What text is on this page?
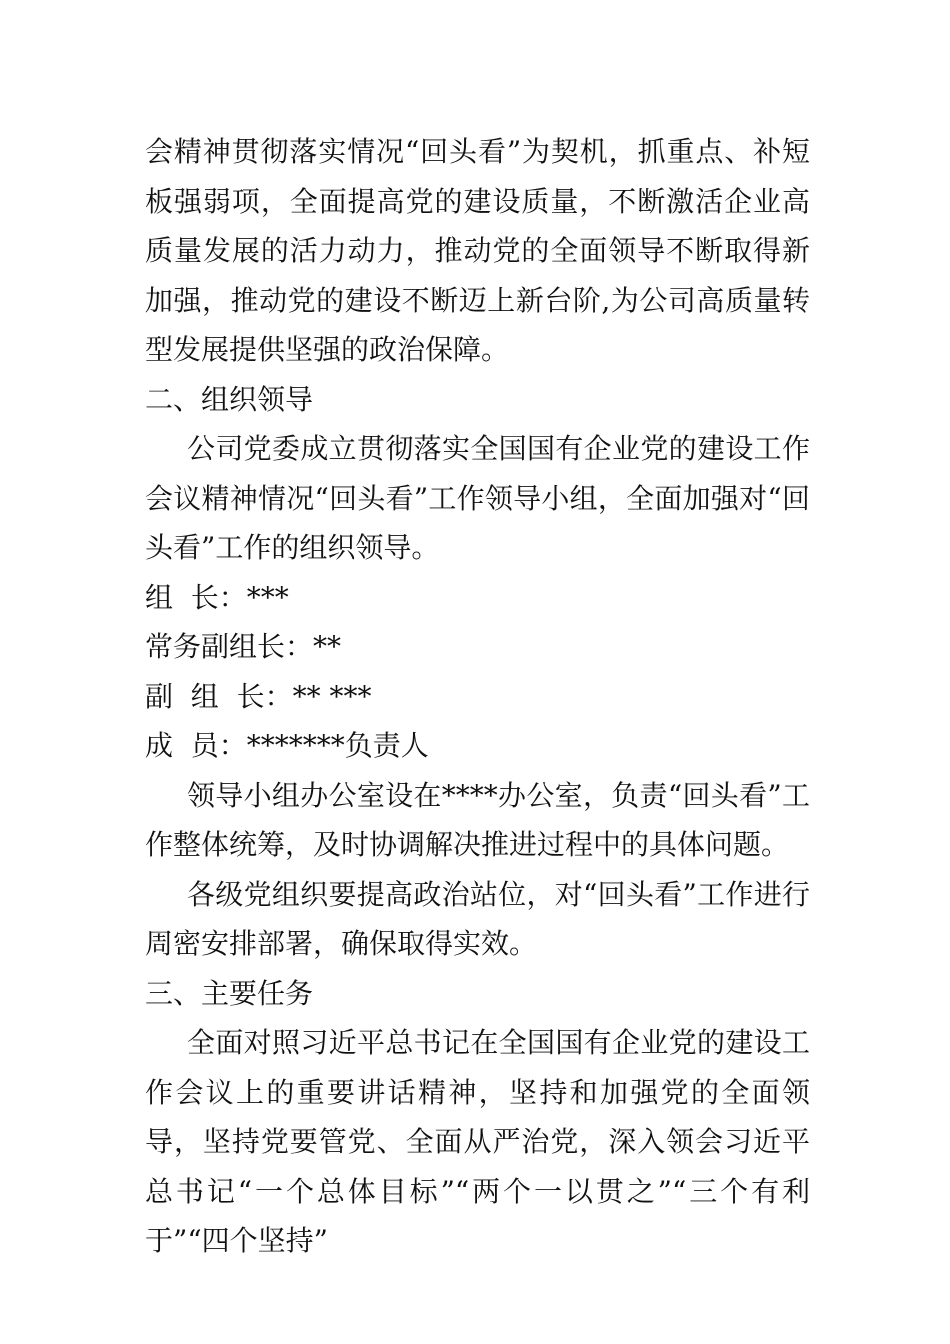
会精神贯彻落实情况“回头看”为契机，抓重点、补短板强弱项，全面提高党的建设质量，不断激活企业高质量发展的活力动力，推动党的全面领导不断取得新加强，推动党的建设不断迈上新台阶,为公司高质量转型发展提供坚强的政治保障。

二、组织领导

公司党委成立贯彻落实全国国有企业党的建设工作会议精神情况“回头看”工作领导小组，全面加强对“回头看”工作的组织领导。

组  长：***

常务副组长：**

副  组  长：** ***

成  员：*******负责人

领导小组办公室设在****办公室，负责“回头看”工作整体统筹，及时协调解决推进过程中的具体问题。

各级党组织要提高政治站位，对“回头看”工作进行周密安排部署，确保取得实效。

三、主要任务

全面对照习近平总书记在全国国有企业党的建设工作会议上的重要讲话精神，坚持和加强党的全面领导，坚持党要管党、全面从严治党，深入领会习近平总书记“一个总体目标”“两个一以贯之”“三个有利于”“四个坚持”
